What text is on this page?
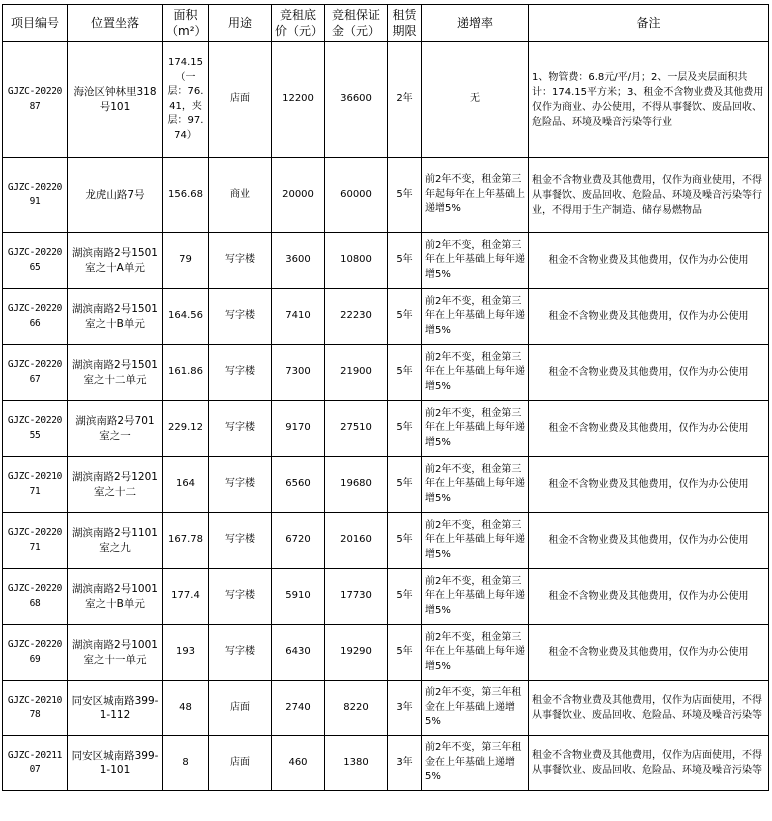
项目编号	位置坐落	面积（m²）	用途	竞租底价（元）	竞租保证金（元）	租赁期限	递增率	备注
GJZC-2022087	海沧区钟林里318号101	174.15（一层：76.41，夹层：97.74）	店面	12200	36600	2年	无	1、物管费：6.8元/平/月；2、一层及夹层面积共计：174.15平方米；3、租金不含物业费及其他费用仅作为商业、办公使用，不得从事餐饮、废品回收、危险品、环境及噪音污染等行业
GJZC-2022091	龙虎山路7号	156.68	商业	20000	60000	5年	前2年不变，租金第三年起每年在上年基础上递增5%	租金不含物业费及其他费用，仅作为商业使用，不得从事餐饮、废品回收、危险品、环境及噪音污染等行业，不得用于生产制造、储存易燃物品
GJZC-2022065	湖滨南路2号1501室之十A单元	79	写字楼	3600	10800	5年	前2年不变，租金第三年在上年基础上每年递增5%	租金不含物业费及其他费用，仅作为办公使用
GJZC-2022066	湖滨南路2号1501室之十B单元	164.56	写字楼	7410	22230	5年	前2年不变，租金第三年在上年基础上每年递增5%	租金不含物业费及其他费用，仅作为办公使用
GJZC-2022067	湖滨南路2号1501室之十二单元	161.86	写字楼	7300	21900	5年	前2年不变，租金第三年在上年基础上每年递增5%	租金不含物业费及其他费用，仅作为办公使用
GJZC-2022055	湖滨南路2号701室之一	229.12	写字楼	9170	27510	5年	前2年不变，租金第三年在上年基础上每年递增5%	租金不含物业费及其他费用，仅作为办公使用
GJZC-2021071	湖滨南路2号1201室之十二	164	写字楼	6560	19680	5年	前2年不变，租金第三年在上年基础上每年递增5%	租金不含物业费及其他费用，仅作为办公使用
GJZC-2022071	湖滨南路2号1101室之九	167.78	写字楼	6720	20160	5年	前2年不变，租金第三年在上年基础上每年递增5%	租金不含物业费及其他费用，仅作为办公使用
GJZC-2022068	湖滨南路2号1001室之十B单元	177.4	写字楼	5910	17730	5年	前2年不变，租金第三年在上年基础上每年递增5%	租金不含物业费及其他费用，仅作为办公使用
GJZC-2022069	湖滨南路2号1001室之十一单元	193	写字楼	6430	19290	5年	前2年不变，租金第三年在上年基础上每年递增5%	租金不含物业费及其他费用，仅作为办公使用
GJZC-2021078	同安区城南路399-1-112	48	店面	2740	8220	3年	前2年不变，第三年租金在上年基础上递增5%	租金不含物业费及其他费用，仅作为店面使用，不得从事餐饮业、废品回收、危险品、环境及噪音污染等
GJZC-2021107	同安区城南路399-1-101	8	店面	460	1380	3年	前2年不变，第三年租金在上年基础上递增5%	租金不含物业费及其他费用，仅作为店面使用，不得从事餐饮业、废品回收、危险品、环境及噪音污染等
